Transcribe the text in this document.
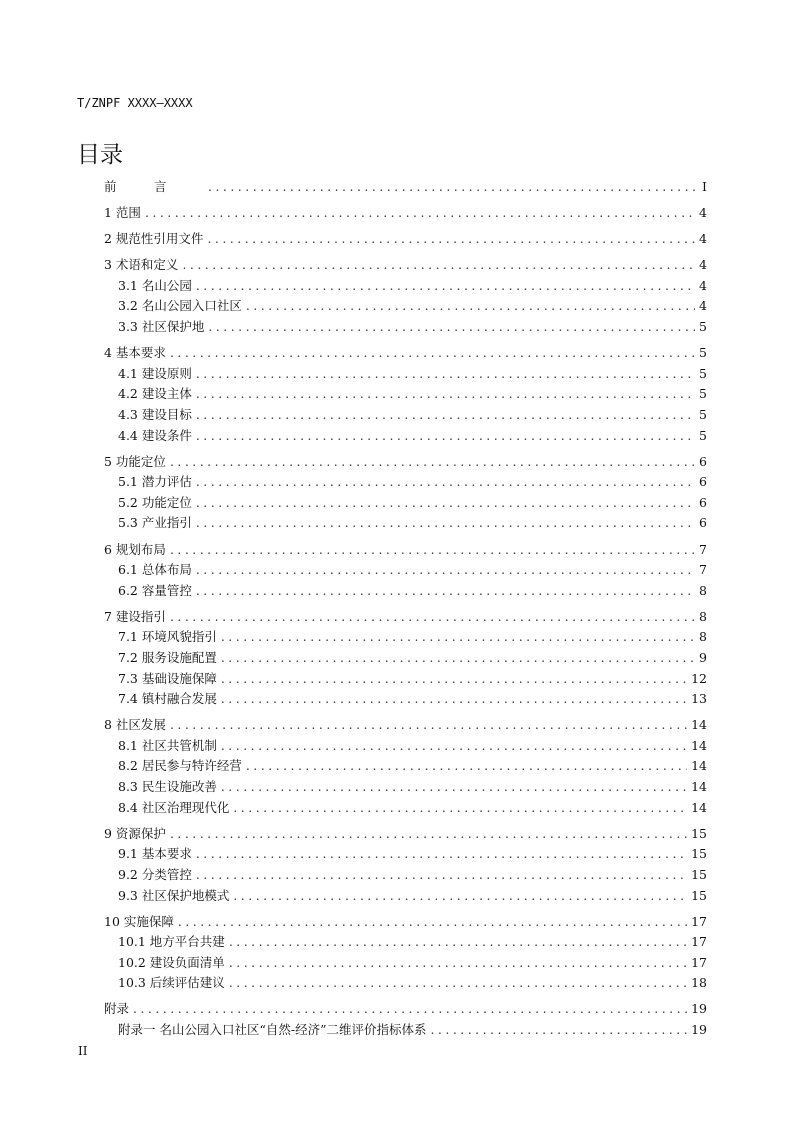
T/ZNPF XXXX—XXXX
目录
前　　　言　　　 . . .	I
1 范围 . . .	4
2 规范性引用文件 . . .	4
3 术语和定义 . . .	4
3.1 名山公园 . . .	4
3.2 名山公园入口社区 . . .	4
3.3 社区保护地 . . .	5
4 基本要求 . . .	5
4.1 建设原则 . . .	5
4.2 建设主体 . . .	5
4.3 建设目标 . . .	5
4.4 建设条件 . . .	5
5 功能定位 . . .	6
5.1 潜力评估 . . .	6
5.2 功能定位 . . .	6
5.3 产业指引 . . .	6
6 规划布局 . . .	7
6.1 总体布局 . . .	7
6.2 容量管控 . . .	8
7 建设指引 . . .	8
7.1 环境风貌指引 . . .	8
7.2 服务设施配置 . . .	9
7.3 基础设施保障 . . .	12
7.4 镇村融合发展 . . .	13
8 社区发展 . . .	14
8.1 社区共管机制 . . .	14
8.2 居民参与特许经营 . . .	14
8.3 民生设施改善 . . .	14
8.4 社区治理现代化 . . .	14
9 资源保护 . . .	15
9.1 基本要求 . . .	15
9.2 分类管控 . . .	15
9.3 社区保护地模式 . . .	15
10 实施保障 . . .	17
10.1 地方平台共建 . . .	17
10.2 建设负面清单 . . .	17
10.3 后续评估建议 . . .	18
附录 . . .	19
附录一 名山公园入口社区“自然-经济”二维评价指标体系 . . .	19
II
